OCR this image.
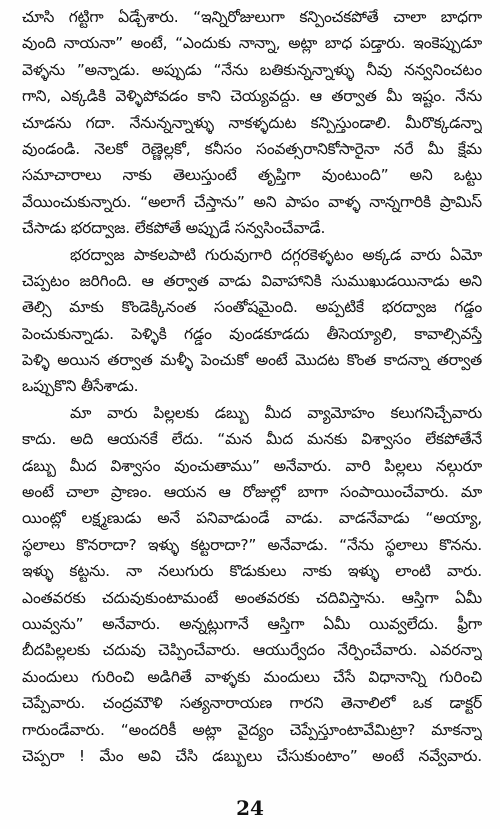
చూసి గట్టిగా ఏడ్చేశారు. “ఇన్నిరోజులుగా కన్పించకపోతే చాలా బాధగా
వుంది నాయనా” అంటే, “ఎందుకు నాన్నా, అట్లా బాధ పడ్తారు. ఇంకెప్పుడూ
వెళ్ళను ”అన్నాడు. అప్పుడు “నేను బతికున్నన్నాళ్ళు నీవు నన్వనించటం
గాని, ఎక్కడికి వెళ్ళిపోవడం కాని చెయ్యవద్దు. ఆ తర్వాత మీ ఇష్టం. నేను
చూడను గదా. నేనున్నన్నాళ్ళు నాకళ్ళదుట కన్పిస్తుండాలి. మీరొక్కడన్నా
వుండండి. నెలకో రెణ్ణెల్లకో, కనీసం సంవత్సరానికోసారైనా నరే మీ క్షేమ
సమాచారాలు నాకు తెలుస్తుంటే తృప్తిగా వుంటుంది” అని ఒట్టు
వేయించుకున్నారు. “అలాగే చేస్తాను” అని పాపం వాళ్ళ నాన్నగారికి ప్రామిస్
చేసాడు భరద్వాజ. లేకపోతే అప్పుడే సన్వసించేవాడే.
భరద్వాజ పాకలపాటి గురువుగారి దగ్గరకెళ్ళటం అక్కడ వారు ఏమో
చెప్పటం జరిగింది. ఆ తర్వాత వాడు వివాహానికి సుముఖుడయినాడు అని
తెల్సి మాకు కొండెక్కినంత సంతోషమైంది. అప్పటికే భరద్వాజ గడ్డం
పెంచుకున్నాడు. పెళ్ళికి గడ్డం వుండకూడదు తీసెయ్యాలి, కావాల్సివస్తే
పెళ్ళి అయిన తర్వాత మళ్ళీ పెంచుకో అంటే మొదట కొంత కాదన్నా తర్వాత
ఒప్పుకొని తీసేశాడు.
మా వారు పిల్లలకు డబ్బు మీద వ్యామోహం కలుగనిచ్చేవారు
కాదు. అది ఆయనకే లేదు. “మన మీద మనకు విశ్వాసం లేకపోతేనే
డబ్బు మీద విశ్వాసం వుంచుతాము” అనేవారు. వారి పిల్లలు నల్గురూ
అంటే చాలా ప్రాణం. ఆయన ఆ రోజుల్లో బాగా సంపాయించేవారు. మా
యింట్లో లక్ష్మణుడు అనే పనివాడుండే వాడు. వాడనేవాడు “అయ్యా,
స్థలాలు కొనరాదా? ఇళ్ళు కట్టరాదా?” అనేవాడు. “నేను స్థలాలు కొనను.
ఇళ్ళు కట్టను. నా నలుగురు కొడుకులు నాకు ఇళ్ళు లాంటి వారు.
ఎంతవరకు చదువుకుంటామంటే అంతవరకు చదివిస్తాను. ఆస్తిగా ఏమీ
యివ్వను” అనేవారు. అన్నట్లుగానే ఆస్తిగా ఏమీ యివ్వలేదు. ఫ్రీగా
బీదపిల్లలకు చదువు చెప్పించేవారు. ఆయుర్వేదం నేర్పించేవారు. ఎవరన్నా
మందులు గురించి అడిగితే వాళ్ళకు మందులు చేసే విధానాన్ని గురించి
చెప్పేవారు. చంద్రమౌళి సత్యనారాయణ గారని తెనాలిలో ఒక డాక్టర్
గారుండేవారు. “అందరికీ అట్లా వైద్యం చెప్పేస్తూంటావేమిట్రా? మాకన్నా
చెప్పరా ! మేం అవి చేసి డబ్బులు చేసుకుంటాం” అంటే నవ్వేవారు.
24
